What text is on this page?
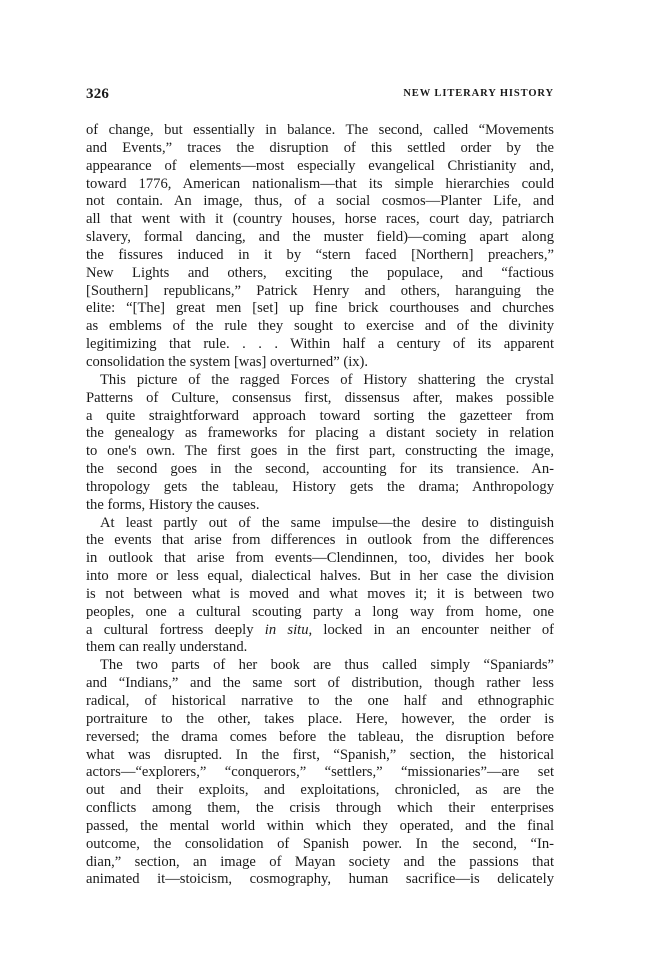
326	NEW LITERARY HISTORY
of change, but essentially in balance. The second, called “Movements
and Events,” traces the disruption of this settled order by the
appearance of elements—most especially evangelical Christianity and,
toward 1776, American nationalism—that its simple hierarchies could
not contain. An image, thus, of a social cosmos—Planter Life, and
all that went with it (country houses, horse races, court day, patriarch
slavery, formal dancing, and the muster field)—coming apart along
the fissures induced in it by “stern faced [Northern] preachers,”
New Lights and others, exciting the populace, and “factious
[Southern] republicans,” Patrick Henry and others, haranguing the
elite: “[The] great men [set] up fine brick courthouses and churches
as emblems of the rule they sought to exercise and of the divinity
legitimizing that rule. . . . Within half a century of its apparent
consolidation the system [was] overturned” (ix).
This picture of the ragged Forces of History shattering the crystal
Patterns of Culture, consensus first, dissensus after, makes possible
a quite straightforward approach toward sorting the gazetteer from
the genealogy as frameworks for placing a distant society in relation
to one's own. The first goes in the first part, constructing the image,
the second goes in the second, accounting for its transience. An-
thropology gets the tableau, History gets the drama; Anthropology
the forms, History the causes.
At least partly out of the same impulse—the desire to distinguish
the events that arise from differences in outlook from the differences
in outlook that arise from events—Clendinnen, too, divides her book
into more or less equal, dialectical halves. But in her case the division
is not between what is moved and what moves it; it is between two
peoples, one a cultural scouting party a long way from home, one
a cultural fortress deeply in situ, locked in an encounter neither of
them can really understand.
The two parts of her book are thus called simply “Spaniards”
and “Indians,” and the same sort of distribution, though rather less
radical, of historical narrative to the one half and ethnographic
portraiture to the other, takes place. Here, however, the order is
reversed; the drama comes before the tableau, the disruption before
what was disrupted. In the first, “Spanish,” section, the historical
actors—“explorers,” “conquerors,” “settlers,” “missionaries”—are set
out and their exploits, and exploitations, chronicled, as are the
conflicts among them, the crisis through which their enterprises
passed, the mental world within which they operated, and the final
outcome, the consolidation of Spanish power. In the second, “In-
dian,” section, an image of Mayan society and the passions that
animated it—stoicism, cosmography, human sacrifice—is delicately
